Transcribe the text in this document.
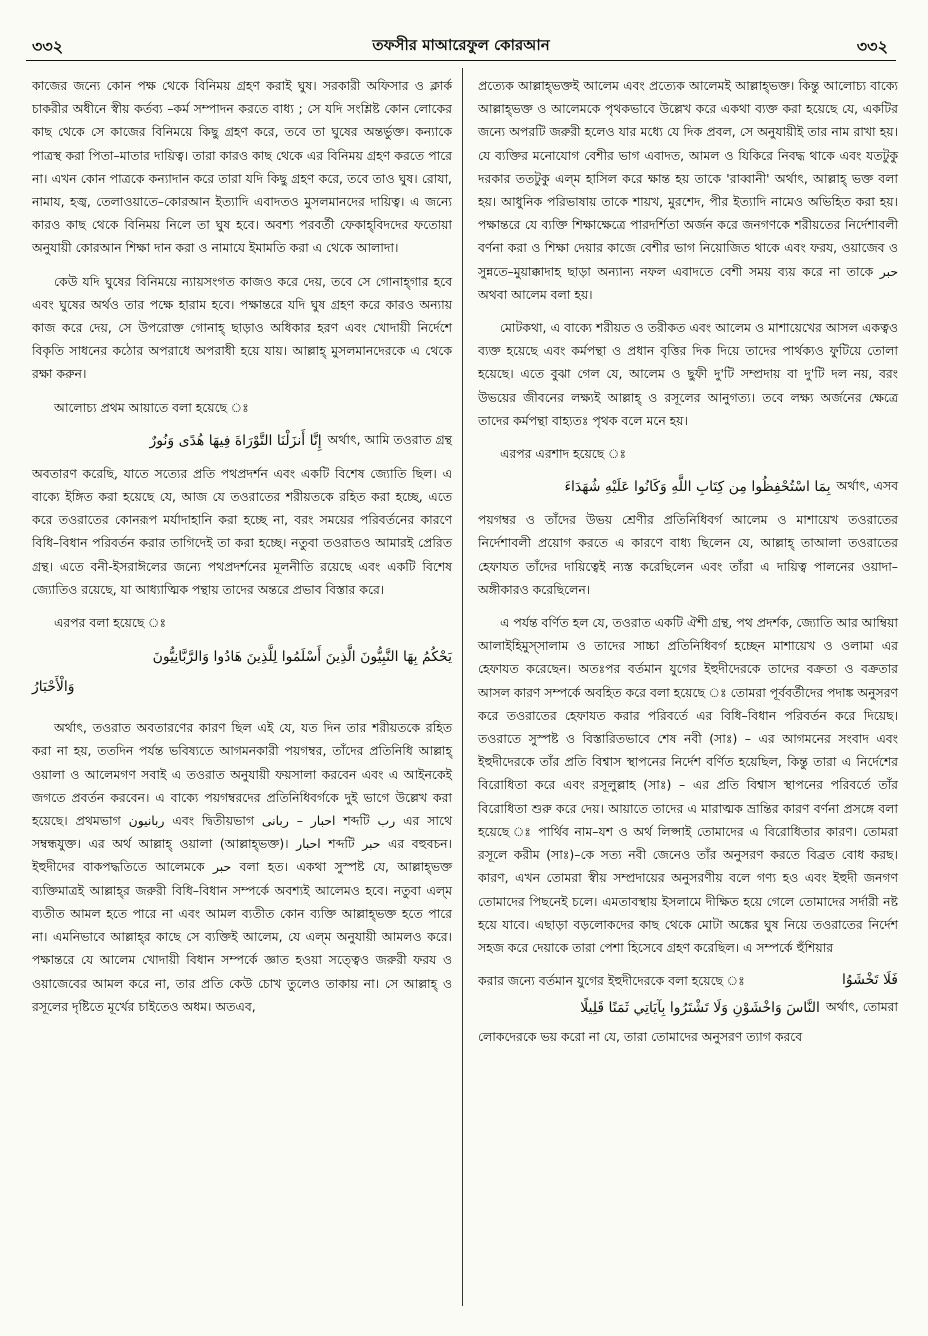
৩৩২	তফসীর মাআরেফুল কোরআন	৩৩২

কাজের জন্যে কোন পক্ষ থেকে বিনিময় গ্রহণ করাই ঘুষ। সরকারী অফিসার ও ক্লার্ক চাকরীর অধীনে স্বীয় কর্তব্য –কর্ম সম্পাদন করতে বাধ্য ; সে যদি সংশ্লিষ্ট কোন লোকের কাছ থেকে সে কাজের বিনিময়ে কিছু গ্রহণ করে, তবে তা ঘুষের অন্তর্ভুক্ত। কন্যাকে পাত্রস্থ করা পিতা–মাতার দায়িত্ব। তারা কারও কাছ থেকে এর বিনিময় গ্রহণ করতে পারে না। এখন কোন পাত্রকে কন্যাদান করে তারা যদি কিছু গ্রহণ করে, তবে তাও ঘুষ। রোযা, নামায, হজ্ব, তেলাওয়াতে–কোরআন ইত্যাদি এবাদতও মুসলমানদের দায়িত্ব। এ জন্যে কারও কাছ থেকে বিনিময় নিলে তা ঘুষ হবে। অবশ্য পরবর্তী ফেকাহ্‌বিদদের ফতোয়া অনুযায়ী কোরআন শিক্ষা দান করা ও নামাযে ইমামতি করা এ থেকে আলাদা।

কেউ যদি ঘুষের বিনিময়ে ন্যায়সংগত কাজও করে দেয়, তবে সে গোনাহ্‌গার হবে এবং ঘুষের অর্থও তার পক্ষে হারাম হবে। পক্ষান্তরে যদি ঘুষ গ্রহণ করে কারও অন্যায় কাজ করে দেয়, সে উপরোক্ত গোনাহ্‌ ছাড়াও অধিকার হরণ এবং খোদায়ী নির্দেশে বিকৃতি সাধনের কঠোর অপরাধে অপরাধী হয়ে যায়। আল্লাহ্‌ মুসলমানদেরকে এ থেকে রক্ষা করুন।

আলোচ্য প্রথম আয়াতে বলা হয়েছে ঃ
অর্থাৎ, আমি তওরাত গ্রন্থ
إِنَّا أَنزَلْنَا التَّوْرَاةَ فِيهَا هُدًى وَنُورٌ

অবতারণ করেছি, যাতে সত্যের প্রতি পথপ্রদর্শন এবং একটি বিশেষ জ্যোতি ছিল। এ বাক্যে ইঙ্গিত করা হয়েছে যে, আজ যে তওরাতের শরীয়তকে রহিত করা হচ্ছে, এতে করে তওরাতের কোনরূপ মর্যাদাহানি করা হচ্ছে না, বরং সময়ের পরিবর্তনের কারণে বিধি–বিধান পরিবর্তন করার তাগিদেই তা করা হচ্ছে। নতুবা তওরাতও আমারই প্রেরিত গ্রন্থ। এতে বনী-ইসরাঈলের জন্যে পথপ্রদর্শনের মূলনীতি রয়েছে এবং একটি বিশেষ জ্যোতিও রয়েছে, যা আধ্যাত্মিক পন্থায় তাদের অন্তরে প্রভাব বিস্তার করে।

এরপর বলা হয়েছে ঃ
يَحْكُمُ بِهَا النَّبِيُّونَ الَّذِينَ أَسْلَمُوا لِلَّذِينَ هَادُوا وَالرَّبَّانِيُّونَ
وَالْأَحْبَارُ

অর্থাৎ, তওরাত অবতারণের কারণ ছিল এই যে, যত দিন তার শরীয়তকে রহিত করা না হয়, ততদিন পর্যন্ত ভবিষ্যতে আগমনকারী পয়গম্বর, তাঁদের প্রতিনিধি আল্লাহ্‌ ওয়ালা ও আলেমগণ সবাই এ তওরাত অনুযায়ী ফয়সালা করবেন এবং এ আইনকেই জগতে প্রবর্তন করবেন। এ বাক্যে পয়গম্বরদের প্রতিনিধিবর্গকে দুই ভাগে উল্লেখ করা হয়েছে। প্রথমভাগ ربانيون এবং দ্বিতীয়ভাগ احبار – ربانى শব্দটি رب এর সাথে সম্বন্ধযুক্ত। এর অর্থ আল্লাহ্‌ ওয়ালা (আল্লাহ্‌ভক্ত)। احبار শব্দটি حبر এর বহুবচন। ইহুদীদের বাকপদ্ধতিতে আলেমকে حبر বলা হত। একথা সুস্পষ্ট যে, আল্লাহ্‌ভক্ত ব্যক্তিমাত্রই আল্লাহ্‌র জরুরী বিধি–বিধান সম্পর্কে অবশ্যই আলেমও হবে। নতুবা এল্‌ম ব্যতীত আমল হতে পারে না এবং আমল ব্যতীত কোন ব্যক্তি আল্লাহ্‌ভক্ত হতে পারে না। এমনিভাবে আল্লাহ্‌র কাছে সে ব্যক্তিই আলেম, যে এল্‌ম অনুযায়ী আমলও করে। পক্ষান্তরে যে আলেম খোদায়ী বিধান সম্পর্কে জ্ঞাত হওয়া সত্ত্বেও জরুরী ফরয ও ওয়াজেবের আমল করে না, তার প্রতি কেউ চোখ তুলেও তাকায় না। সে আল্লাহ্‌ ও রসূলের দৃষ্টিতে মূর্খের চাইতেও অধম। অতএব,

প্রত্যেক আল্লাহ্‌ভক্তই আলেম এবং প্রত্যেক আলেমই আল্লাহ্‌ভক্ত। কিন্তু আলোচ্য বাক্যে আল্লাহ্‌ভক্ত ও আলেমকে পৃথকভাবে উল্লেখ করে একথা ব্যক্ত করা হয়েছে যে, একটির জন্যে অপরটি জরুরী হলেও যার মধ্যে যে দিক প্রবল, সে অনুযায়ীই তার নাম রাখা হয়। যে ব্যক্তির মনোযোগ বেশীর ভাগ এবাদত, আমল ও যিকিরে নিবদ্ধ থাকে এবং যতটুকু দরকার ততটুকু এল্‌ম হাসিল করে ক্ষান্ত হয় তাকে 'রাব্বানী' অর্থাৎ, আল্লাহ্‌ ভক্ত বলা হয়। আধুনিক পরিভাষায় তাকে শায়খ, মুরশেদ, পীর ইত্যাদি নামেও অভিহিত করা হয়। পক্ষান্তরে যে ব্যক্তি শিক্ষাক্ষেত্রে পারদর্শিতা অর্জন করে জনগণকে শরীয়তের নির্দেশাবলী বর্ণনা করা ও শিক্ষা দেয়ার কাজে বেশীর ভাগ নিয়োজিত থাকে এবং ফরয, ওয়াজেব ও সুন্নতে–মুয়াক্কাদাহ ছাড়া অন্যান্য নফল এবাদতে বেশী সময় ব্যয় করে না তাকে حبر অথবা আলেম বলা হয়।

মোটকথা, এ বাক্যে শরীয়ত ও তরীকত এবং আলেম ও মাশায়েখের আসল একত্বও ব্যক্ত হয়েছে এবং কর্মপন্থা ও প্রধান বৃত্তির দিক দিয়ে তাদের পার্থক্যও ফুটিয়ে তোলা হয়েছে। এতে বুঝা গেল যে, আলেম ও ছুফী দু'টি সম্প্রদায় বা দু'টি দল নয়, বরং উভয়ের জীবনের লক্ষ্যই আল্লাহ্‌ ও রসূলের আনুগত্য। তবে লক্ষ্য অর্জনের ক্ষেত্রে তাদের কর্মপন্থা বাহ্যতঃ পৃথক বলে মনে হয়।

এরপর এরশাদ হয়েছে ঃ
অর্থাৎ, এসব
بِمَا اسْتُحْفِظُوا مِن كِتَابِ اللَّهِ وَكَانُوا عَلَيْهِ شُهَدَاءَ

পয়গম্বর ও তাঁদের উভয় শ্রেণীর প্রতিনিধিবর্গ আলেম ও মাশায়েখ তওরাতের নির্দেশাবলী প্রয়োগ করতে এ কারণে বাধ্য ছিলেন যে, আল্লাহ্‌ তাআলা তওরাতের হেফাযত তাঁদের দায়িত্বেই ন্যস্ত করেছিলেন এবং তাঁরা এ দায়িত্ব পালনের ওয়াদা–অঙ্গীকারও করেছিলেন।

এ পর্যন্ত বর্ণিত হল যে, তওরাত একটি ঐশী গ্রন্থ, পথ প্রদর্শক, জ্যোতি আর আম্বিয়া আলাইহিমুস্‌সালাম ও তাদের সাচ্চা প্রতিনিধিবর্গ হচ্ছেন মাশায়েখ ও ওলামা এর হেফাযত করেছেন। অতঃপর বর্তমান যুগের ইহুদীদেরকে তাদের বক্রতা ও বক্রতার আসল কারণ সম্পর্কে অবহিত করে বলা হয়েছে ঃ তোমরা পূর্ববর্তীদের পদাঙ্ক অনুসরণ করে তওরাতের হেফাযত করার পরিবর্তে এর বিধি–বিধান পরিবর্তন করে দিয়েছ। তওরাতে সুস্পষ্ট ও বিস্তারিতভাবে শেষ নবী (সাঃ) – এর আগমনের সংবাদ এবং ইহুদীদেরকে তাঁর প্রতি বিশ্বাস স্থাপনের নির্দেশ বর্ণিত হয়েছিল, কিন্তু তারা এ নির্দেশের বিরোধিতা করে এবং রসূলুল্লাহ (সাঃ) – এর প্রতি বিশ্বাস স্থাপনের পরিবর্তে তাঁর বিরোধিতা শুরু করে দেয়। আয়াতে তাদের এ মারাত্মক ভ্রান্তির কারণ বর্ণনা প্রসঙ্গে বলা হয়েছে ঃ পার্থিব নাম–যশ ও অর্থ লিপ্সাই তোমাদের এ বিরোধিতার কারণ। তোমরা রসূলে করীম (সাঃ)–কে সত্য নবী জেনেও তাঁর অনুসরণ করতে বিব্রত বোধ করছ। কারণ, এখন তোমরা স্বীয় সম্প্রদায়ের অনুসরণীয় বলে গণ্য হও এবং ইহুদী জনগণ তোমাদের পিছনেই চলে। এমতাবস্থায় ইসলামে দীক্ষিত হয়ে গেলে তোমাদের সর্দারী নষ্ট হয়ে যাবে। এছাড়া বড়লোকদের কাছ থেকে মোটা অঙ্কের ঘুষ নিয়ে তওরাতের নির্দেশ সহজ করে দেয়াকে তারা পেশা হিসেবে গ্রহণ করেছিল। এ সম্পর্কে হুঁশিয়ার

করার জন্যে বর্তমান যুগের ইহুদীদেরকে বলা হয়েছে ঃ	فَلَا تَخْشَوُا
অর্থাৎ, তোমরা
النَّاسَ وَاخْشَوْنِ وَلَا تَشْتَرُوا بِآيَاتِي ثَمَنًا قَلِيلًا

লোকদেরকে ভয় করো না যে, তারা তোমাদের অনুসরণ ত্যাগ করবে
